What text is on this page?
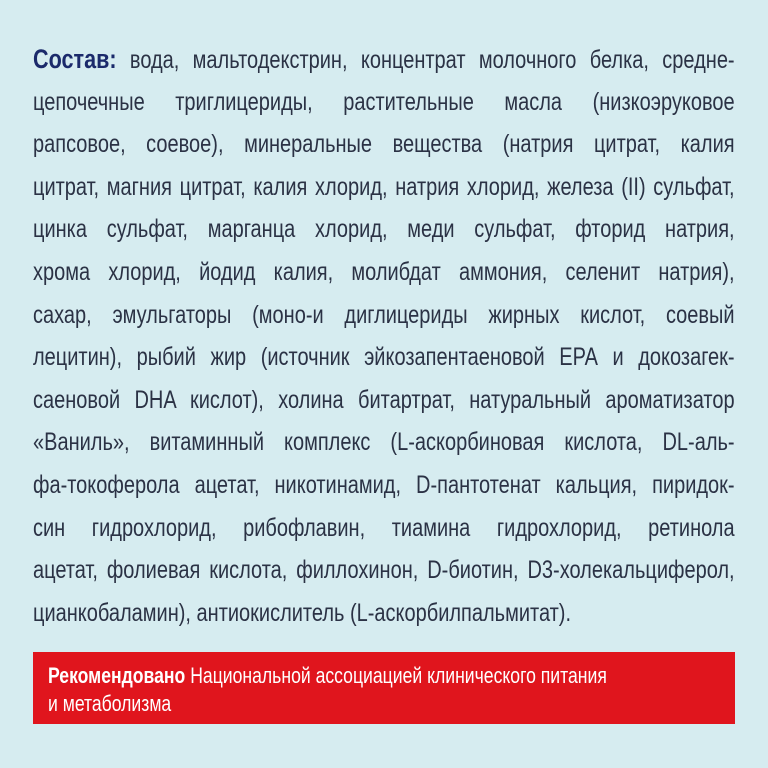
Состав: вода, мальтодекстрин, концентрат молочного белка, средне-
цепочечные триглицериды, растительные масла (низкоэруковое
рапсовое, соевое), минеральные вещества (натрия цитрат, калия
цитрат, магния цитрат, калия хлорид, натрия хлорид, железа (II) сульфат,
цинка сульфат, марганца хлорид, меди сульфат, фторид натрия,
хрома хлорид, йодид калия, молибдат аммония, селенит натрия),
сахар, эмульгаторы (моно-и диглицериды жирных кислот, соевый
лецитин), рыбий жир (источник эйкозапентаеновой ЕРА и докозагек-
саеновой DHA кислот), холина битартрат, натуральный ароматизатор
«Ваниль», витаминный комплекс (L-аскорбиновая кислота, DL-аль-
фа-токоферола ацетат, никотинамид, D-пантотенат кальция, пиридок-
син гидрохлорид, рибофлавин, тиамина гидрохлорид, ретинола
ацетат, фолиевая кислота, филлохинон, D-биотин, D3-холекальциферол,
цианкобаламин), антиокислитель (L-аскорбилпальмитат).
Рекомендовано Национальной ассоциацией клинического питания
и метаболизма
